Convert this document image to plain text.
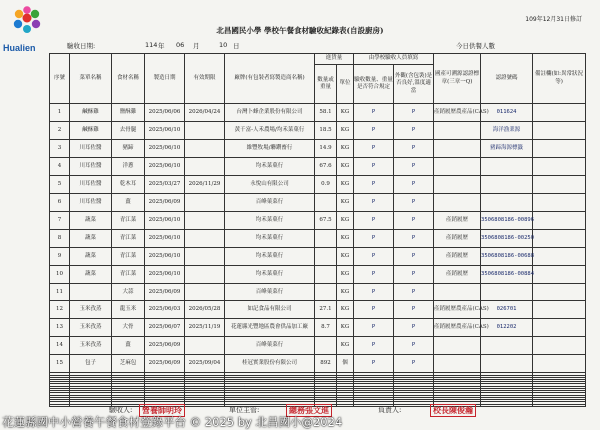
Hualien
109年12月31日修訂
北昌國民小學 學校午餐食材驗收紀錄表(自設廚房)
驗收日期:	114 年 06 月	10 日	今日供餐人數
序號	菜單名稱	食材名稱	製造日期	有效期限	廠牌(有包裝者寫製造商名稱)	進貨量		由學校驗收人員填寫		國產可溯源認證標章(三章一Q)	認證號碼	備註欄(如:異常狀況等)
						數量或重量	單位	驗收數量、重量是否符合規定	外觀(含包裝)是否良好,溫度適當			

1	鹹酥雞	鹽酥雞	2025/06/06	2026/04/24	台灣卜蜂企業股份有限公司	58.1	KG	P	P	產銷履歷農產品(CAS)	011624	
2	鹹酥雞	去骨腿	2025/06/10		黃千富-人禾農場/均禾菜菓行	18.5	KG	P	P		海洋漁業源	
3	川耳佐醬	豬蹄	2025/06/10		維豐牧場/聯鑽畜行	14.9	KG	P	P		豬蹄海源標籤	
4	川耳佐醬	洋蔥	2025/06/10		均禾菜菓行	67.6	KG	P	P			
5	川耳佐醬	乾木耳	2025/03/27	2026/11/29	永悅山有限公司	0.9	KG	P	P			
6	川耳佐醬	薑	2025/06/09		百峰菓菜行		KG	P	P			
7	蔬菜	青江菜	2025/06/10		均禾菜菓行	67.5	KG	P	P	產銷履歷	3506808186-00896	
8	蔬菜	青江菜	2025/06/10		均禾菜菓行		KG	P	P	產銷履歷	3506808186-00250	
9	蔬菜	青江菜	2025/06/10		均禾菜菓行		KG	P	P	產銷履歷	3506808186-00688	
10	蔬菜	青江菜	2025/06/10		均禾菜菓行		KG	P	P	產銷履歷	3506808186-00884	
11		大蒜	2025/06/09		百峰菓菜行		KG	P	P			
12	玉米孜蒸	龍玉米	2025/06/03	2026/05/28	如記食品有限公司	27.1	KG	P	P	產銷履歷農產品(CAS)	026701	
13	玉米孜蒸	大骨	2025/06/07	2025/11/19	花蓮縣光豐地區農會供品加工廠	8.7	KG	P	P	產銷履歷農產品(CAS)	012202	
14	玉米孜蒸	薑	2025/06/09		百峰菓菜行		KG	P	P			
15	包子	芝麻包	2025/06/09	2025/09/04	桂冠實業股份有限公司	892	個	P	P			

驗收人:	營養師明玲	單位主管:	總務張文進	負責人:	校長陳俊瀚
花蓮縣國中小營養午餐食材登錄平台 © 2025 by 北昌國小@2024
